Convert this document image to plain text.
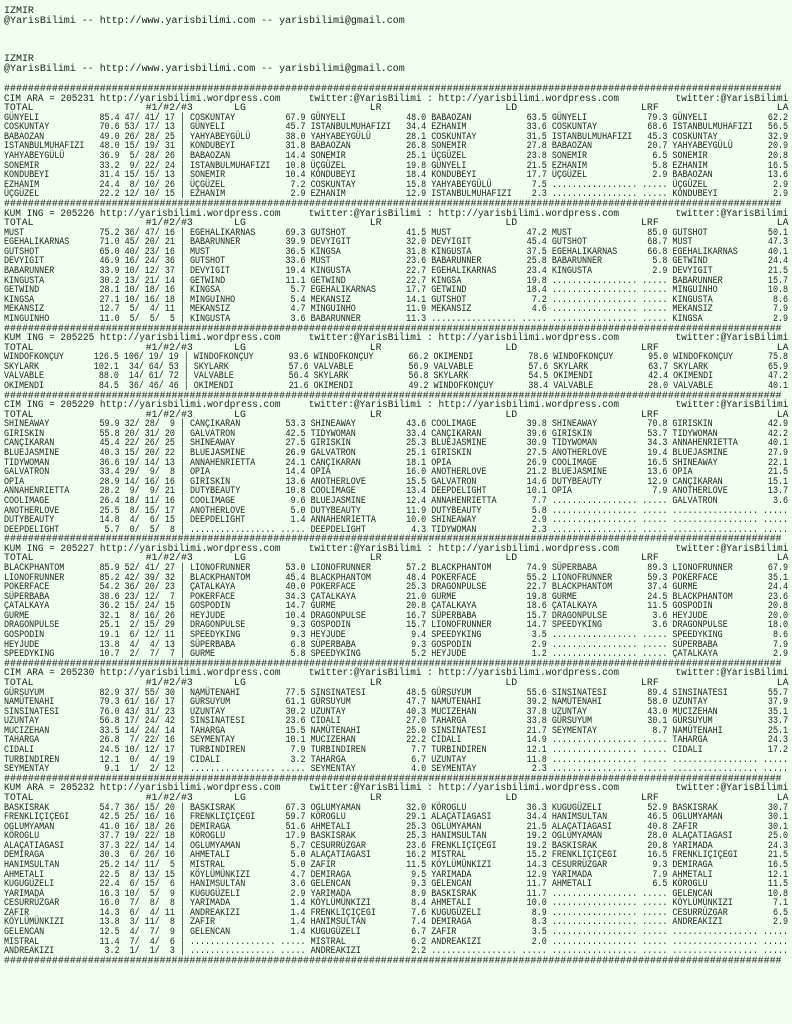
IZMIR
@YarisBilimi -- http://www.yarisbilimi.com -- yarisbilimi@gmail.com
IZMIR
@YarisBilimi -- http://www.yarisbilimi.com -- yarisbilimi@gmail.com
##################################################################################################################################
CIM ARA = 205231 http://yarisbilimi.wordpress.com     twitter:@YarisBilimi : http://yarisbilimi.wordpress.com          twitter:@YarisBilimi
TOTAL                   #1/#2/#3       LG                     LR                     LD                     LRF                    LA
GÜNYELI            85.4 47/ 41/ 17 | COSKUNTAY          67.9 GÜNYELI            48.0 BABAOZAN           63.5 GÜNYELI            79.3 GÜNYELI            62.2
COSKUNTAY          70.6 53/ 17/ 13 | GÜNYELI            45.7 ISTANBULMUHAFIZI   34.4 EZHANIM            33.6 COSKUNTAY          68.6 ISTANBULMUHAFIZI   56.5
BABAOZAN           49.0 26/ 28/ 25 | YAHYABEYGÜLÜ       38.0 YAHYABEYGÜLÜ       28.1 COSKUNTAY          31.5 ISTANBULMUHAFIZI   45.3 COSKUNTAY          32.9
ISTANBULMUHAFIZI   48.0 15/ 19/ 31 | KONDUBEYI          31.8 BABAOZAN           26.8 SONEMIR            27.8 BABAOZAN           20.7 YAHYABEYGÜLÜ       20.9
YAHYABEYGÜLÜ       36.9  5/ 28/ 26 | BABAOZAN           14.4 SONEMIR            25.1 ÜÇGÜZEL            23.8 SONEMIR             6.5 SONEMIR            20.8
SONEMIR            33.2  9/ 22/ 24 | ISTANBULMUHAFIZI   10.8 ÜÇGÜZEL            19.8 GÜNYELI            21.5 EZHANIM             5.8 EZHANIM            16.5
KONDUBEYI          31.4 15/ 15/ 13 | SONEMIR            10.4 KONDUBEYI          18.4 KONDUBEYI          17.7 ÜÇGÜZEL             2.9 BABAOZAN           13.6
EZHANIM            24.4  8/ 10/ 26 | ÜÇGÜZEL             7.2 COSKUNTAY          15.8 YAHYABEYGÜLÜ        7.5 ................. ..... ÜÇGÜZEL             2.9
ÜÇGÜZEL            22.2 12/ 10/ 15 | EZHANIM             2.9 EZHANIM            12.9 ISTANBULMUHAFIZI    2.3 ................. ..... KONDUBEYI           2.9
##################################################################################################################################
KUM ING = 205226 http://yarisbilimi.wordpress.com     twitter:@YarisBilimi : http://yarisbilimi.wordpress.com          twitter:@YarisBilimi
TOTAL                   #1/#2/#3       LG                     LR                     LD                     LRF                    LA
MUST               75.2 36/ 47/ 16 | EGEHALIKARNAS      69.3 GUTSHOT            41.5 MUST               47.2 MUST               85.0 GUTSHOT            50.1
EGEHALIKARNAS      71.0 45/ 20/ 21 | BABARUNNER         39.9 DEVYIGIT           32.0 DEVYIGIT           45.4 GUTSHOT            68.7 MUST               47.3
GUTSHOT            65.0 40/ 23/ 16 | MUST               36.5 KINGSA             31.8 KINGUSTA           37.5 EGEHALIKARNAS      66.8 EGEHALIKARNAS      40.1
DEVYIGIT           46.9 16/ 24/ 36 | GUTSHOT            33.6 MUST               23.6 BABARUNNER         25.8 BABARUNNER          5.8 GETWIND            24.4
BABARUNNER         33.9 10/ 12/ 37 | DEVYIGIT           19.4 KINGUSTA           22.7 EGEHALIKARNAS      23.4 KINGUSTA            2.9 DEVYIGIT           21.5
KINGUSTA           30.2 13/ 21/ 14 | GETWIND            11.1 GETWIND            22.7 KINGSA             19.8 ................. ..... BABARUNNER         15.7
GETWIND            28.1 10/ 18/ 16 | KINGSA              5.7 EGEHALIKARNAS      17.7 GETWIND            18.4 ................. ..... MINGUINHO          10.8
KINGSA             27.1 10/ 16/ 18 | MINGUINHO           5.4 MEKANSIZ           14.1 GUTSHOT             7.2 ................. ..... KINGUSTA            8.6
MEKANSIZ           12.7  5/  4/ 11 | MEKANSIZ            4.7 MINGUINHO          11.9 MEKANSIZ            4.6 ................. ..... MEKANSIZ            7.9
MINGUINHO          11.0  5/  5/  5 | KINGUSTA            3.6 BABARUNNER         11.3 ................. ..... ................. ..... KINGSA              2.9
##################################################################################################################################
KUM ING = 205225 http://yarisbilimi.wordpress.com     twitter:@YarisBilimi : http://yarisbilimi.wordpress.com          twitter:@YarisBilimi
TOTAL                   #1/#2/#3       LG                     LR                     LD                     LRF                    LA
WINDOFKONÇUY      126.5 106/ 19/ 19 | WINDOFKONÇUY       93.6 WINDOFKONÇUY       66.2 OKIMENDI           78.6 WINDOFKONÇUY       95.0 WINDOFKONÇUY       75.8
SKYLARK           102.1  34/ 64/ 53 | SKYLARK            57.6 VALVABLE           56.9 VALVABLE           57.6 SKYLARK            63.7 SKYLARK            65.9
VALVABLE           88.0  14/ 61/ 72 | VALVABLE           56.4 SKYLARK            56.8 SKYLARK            54.5 OKIMENDI           42.4 OKIMENDI           47.2
OKIMENDI           84.5  36/ 46/ 46 | OKIMENDI           21.6 OKIMENDI           49.2 WINDOFKONÇUY       38.4 VALVABLE           28.0 VALVABLE           40.1
##################################################################################################################################
CIM ING = 205229 http://yarisbilimi.wordpress.com     twitter:@YarisBilimi : http://yarisbilimi.wordpress.com          twitter:@YarisBilimi
TOTAL                   #1/#2/#3       LG                     LR                     LD                     LRF                    LA
SHINEAWAY          59.9 32/ 28/  9 | CANÇIKARAN         53.3 SHINEAWAY          43.6 COOLIMAGE          39.8 SHINEAWAY          70.8 GIRISKIN           42.9
GIRISKIN           55.8 20/ 31/ 20 | GALVATRON          42.5 TIDYWOMAN          33.4 CANÇIKARAN         39.6 GIRISKIN           53.7 TIDYWOMAN          42.2
CANÇIKARAN         45.4 22/ 26/ 25 | SHINEAWAY          27.5 GIRISKIN           25.3 BLUEJASMINE        30.9 TIDYWOMAN          34.3 ANNAHENRIETTA      40.1
BLUEJASMINE        40.3 15/ 20/ 22 | BLUEJASMINE        26.9 GALVATRON          25.1 GIRISKIN           27.5 ANOTHERLOVE        19.4 BLUEJASMINE        27.9
TIDYWOMAN          36.6 19/ 14/ 13 | ANNAHENRIETTA      24.1 CANÇIKARAN         18.1 OPIA               26.9 COOLIMAGE          16.5 SHINEAWAY          22.1
GALVATRON          33.4 29/  9/  8 | OPIA               14.4 OPIA               16.0 ANOTHERLOVE        21.2 BLUEJASMINE        13.6 OPIA               21.5
OPIA               28.9 14/ 16/ 16 | GIRISKIN           13.6 ANOTHERLOVE        15.5 GALVATRON          14.6 DUTYBEAUTY         12.9 CANÇIKARAN         15.1
ANNAHENRIETTA      28.2  9/  9/ 21 | DUTYBEAUTY         10.8 COOLIMAGE          13.4 DEEPDELIGHT        10.1 OPIA                7.9 ANOTHERLOVE        13.7
COOLIMAGE          26.4 18/ 11/ 16 | COOLIMAGE           9.6 BLUEJASMINE        12.4 ANNAHENRIETTA       7.7 ................. ..... GALVATRON           3.6
ANOTHERLOVE        25.5  8/ 15/ 17 | ANOTHERLOVE         5.0 DUTYBEAUTY         11.9 DUTYBEAUTY          5.8 ................. ..... ................. .....
DUTYBEAUTY         14.8  4/  6/ 15 | DEEPDELIGHT         1.4 ANNAHENRIETTA      10.0 SHINEAWAY           2.9 ................. ..... ................. .....
DEEPDELIGHT         5.7  0/  5/  8 | ................. ..... DEEPDELIGHT         4.3 TIDYWOMAN           2.3 ................. ..... ................. .....
##################################################################################################################################
KUM ING = 205227 http://yarisbilimi.wordpress.com     twitter:@YarisBilimi : http://yarisbilimi.wordpress.com          twitter:@YarisBilimi
TOTAL                   #1/#2/#3       LG                     LR                     LD                     LRF                    LA
BLACKPHANTOM       85.9 52/ 41/ 27 | LIONOFRUNNER       53.0 LIONOFRUNNER       57.2 BLACKPHANTOM       74.9 SÜPERBABA          89.3 LIONOFRUNNER       67.9
LIONOFRUNNER       85.2 42/ 39/ 32 | BLACKPHANTOM       45.4 BLACKPHANTOM       48.4 POKERFACE          55.2 LIONOFRUNNER       59.3 POKERFACE          35.1
POKERFACE          54.2 36/ 20/ 23 | ÇATALKAYA          40.0 POKERFACE          25.3 DRAGONPULSE        22.7 BLACKPHANTOM       37.4 GURME              24.4
SÜPERBABA          38.6 23/ 12/  7 | POKERFACE          34.3 ÇATALKAYA          21.0 GURME              19.8 GURME              24.5 BLACKPHANTOM       23.6
ÇATALKAYA          36.2 15/ 24/ 15 | GOSPODIN           14.7 GURME              20.8 ÇATALKAYA          18.6 ÇATALKAYA          11.5 GOSPODIN           20.8
GURME              32.1  8/ 16/ 26 | HEYJUDE            10.4 DRAGONPULSE        16.7 SÜPERBABA          15.7 DRAGONPULSE         3.6 HEYJUDE            20.0
DRAGONPULSE        25.1  2/ 15/ 29 | DRAGONPULSE         9.3 GOSPODIN           15.7 LIONOFRUNNER       14.7 SPEEDYKING          3.6 DRAGONPULSE        18.0
GOSPODIN           19.1  6/ 12/ 11 | SPEEDYKING          9.3 HEYJUDE             9.4 SPEEDYKING          3.5 ................. ..... SPEEDYKING          8.6
HEYJUDE            13.8  4/  4/ 13 | SÜPERBABA           6.8 SÜPERBABA           9.3 GOSPODIN            2.9 ................. ..... SÜPERBABA           7.9
SPEEDYKING         10.7  2/  7/  7 | GURME               5.8 SPEEDYKING          5.2 HEYJUDE             1.2 ................. ..... ÇATALKAYA           2.9
##################################################################################################################################
CIM ARA = 205230 http://yarisbilimi.wordpress.com     twitter:@YarisBilimi : http://yarisbilimi.wordpress.com          twitter:@YarisBilimi
TOTAL                   #1/#2/#3       LG                     LR                     LD                     LRF                    LA
GÜRSUYUM           82.9 37/ 55/ 30 | NAMÜTENAHI         77.5 SINSINATESI        48.5 GÜRSUYUM           55.6 SINSINATESI        89.4 SINSINATESI        55.7
NAMÜTENAHI         79.3 61/ 16/ 17 | GÜRSUYUM           61.1 GÜRSUYUM           47.7 NAMÜTENAHI         39.2 NAMÜTENAHI         58.0 UZUNTAY            37.9
SINSINATESI        76.0 43/ 31/ 23 | UZUNTAY            30.2 UZUNTAY            40.3 MUCIZEHAN          37.8 UZUNTAY            43.0 MUCIZEHAN          35.1
UZUNTAY            56.8 17/ 24/ 42 | SINSINATESI        23.6 CIDALI             27.0 TAHARGA            33.8 GÜRSUYUM           30.1 GÜRSUYUM           33.7
MUCIZEHAN          33.5 14/ 24/ 14 | TAHARGA            15.5 NAMÜTENAHI         25.0 SINSINATESI        21.7 SEYMENTAY           8.7 NAMÜTENAHI         25.1
TAHARGA            26.8  7/ 22/ 16 | SEYMENTAY          10.1 MUCIZEHAN          22.2 CIDALI             14.9 ................. ..... TAHARGA            24.3
CIDALI             24.5 10/ 12/ 17 | TURBINDIREN         7.9 TURBINDIREN         7.7 TURBINDIREN        12.1 ................. ..... CIDALI             17.2
TURBINDIREN        12.1  0/  4/ 19 | CIDALI              3.2 TAHARGA             6.7 UZUNTAY            11.8 ................. ..... ................. .....
SEYMENTAY           9.1  1/  2/ 12 | ................. ..... SEYMENTAY           4.0 SEYMENTAY           2.3 ................. ..... ................. .....
##################################################################################################################################
KUM ARA = 205232 http://yarisbilimi.wordpress.com     twitter:@YarisBilimi : http://yarisbilimi.wordpress.com          twitter:@YarisBilimi
TOTAL                   #1/#2/#3       LG                     LR                     LD                     LRF                    LA
BASKISRAK          54.7 36/ 15/ 20 | BASKISRAK          67.3 OGLUMYAMAN         32.0 KÖROGLU            36.3 KUGUGÜZELI         52.9 BASKISRAK          30.7
FRENKLIÇIÇEGI      42.5 25/ 16/ 16 | FRENKLIÇIÇEGI      59.7 KÖROGLU            29.1 ALAÇATIAGASI       34.4 HANIMSULTAN        46.5 OGLUMYAMAN         30.1
OGLUMYAMAN         41.0 16/ 18/ 26 | DEMIRAGA           51.6 AHMETALI           25.3 OGLUMYAMAN         21.5 ALAÇATIAGASI       40.8 ZAFIR              30.1
KÖROGLU            37.7 19/ 22/ 18 | KÖROGLU            17.9 BASKISRAK          25.3 HANIMSULTAN        19.2 OGLUMYAMAN         28.0 ALAÇATIAGASI       25.0
ALAÇATIAGASI       37.3 22/ 14/ 14 | OGLUMYAMAN          5.7 CESURRÜZGAR        23.6 FRENKLIÇIÇEGI      19.2 BASKISRAK          20.8 YARIMADA           24.3
DEMIRAGA           30.3  6/ 26/ 16 | AHMETALI            5.0 ALAÇATIAGASI       16.2 MISTRAL            15.2 FRENKLIÇIÇEGI      16.5 FRENKLIÇIÇEGI      21.5
HANIMSULTAN        25.2 14/ 11/  5 | MISTRAL             5.0 ZAFIR              11.5 KÖYLÜMÜNKIZI       14.3 CESURRÜZGAR         9.3 DEMIRAGA           16.5
AHMETALI           22.5  8/ 13/ 15 | KÖYLÜMÜNKIZI        4.7 DEMIRAGA            9.5 YARIMADA           12.9 YARIMADA            7.9 AHMETALI           12.1
KUGUGÜZELI         22.4  6/ 15/  6 | HANIMSULTAN         3.6 GELENCAN            9.3 GELENCAN           11.7 AHMETALI            6.5 KÖROGLU            11.5
YARIMADA           16.3 10/  5/  9 | KUGUGÜZELI          2.9 YARIMADA            8.9 BASKISRAK          11.7 ................. ..... GELENCAN           10.8
CESURRÜZGAR        16.0  7/  8/  8 | YARIMADA            1.4 KÖYLÜMÜNKIZI        8.4 AHMETALI           10.0 ................. ..... KÖYLÜMÜNKIZI        7.1
ZAFIR              14.3  6/  4/ 11 | ANDREAKIZI          1.4 FRENKLIÇIÇEGI       7.6 KUGUGÜZELI          8.9 ................. ..... CESURRÜZGAR         6.5
KÖYLÜMÜNKIZI       13.8  3/ 11/  8 | ZAFIR               1.4 HANIMSULTAN         7.4 DEMIRAGA            8.3 ................. ..... ANDREAKIZI          2.9
GELENCAN           12.5  4/  7/  9 | GELENCAN            1.4 KUGUGÜZELI          6.7 ZAFIR               3.5 ................. ..... ................. .....
MISTRAL            11.4  7/  4/  6 | ................. ..... MISTRAL             6.2 ANDREAKIZI          2.0 ................. ..... ................. .....
ANDREAKIZI          3.2  1/  1/  3 | ................. ..... ANDREAKIZI          2.2 ................. ..... ................. ..... ................. .....
##################################################################################################################################
